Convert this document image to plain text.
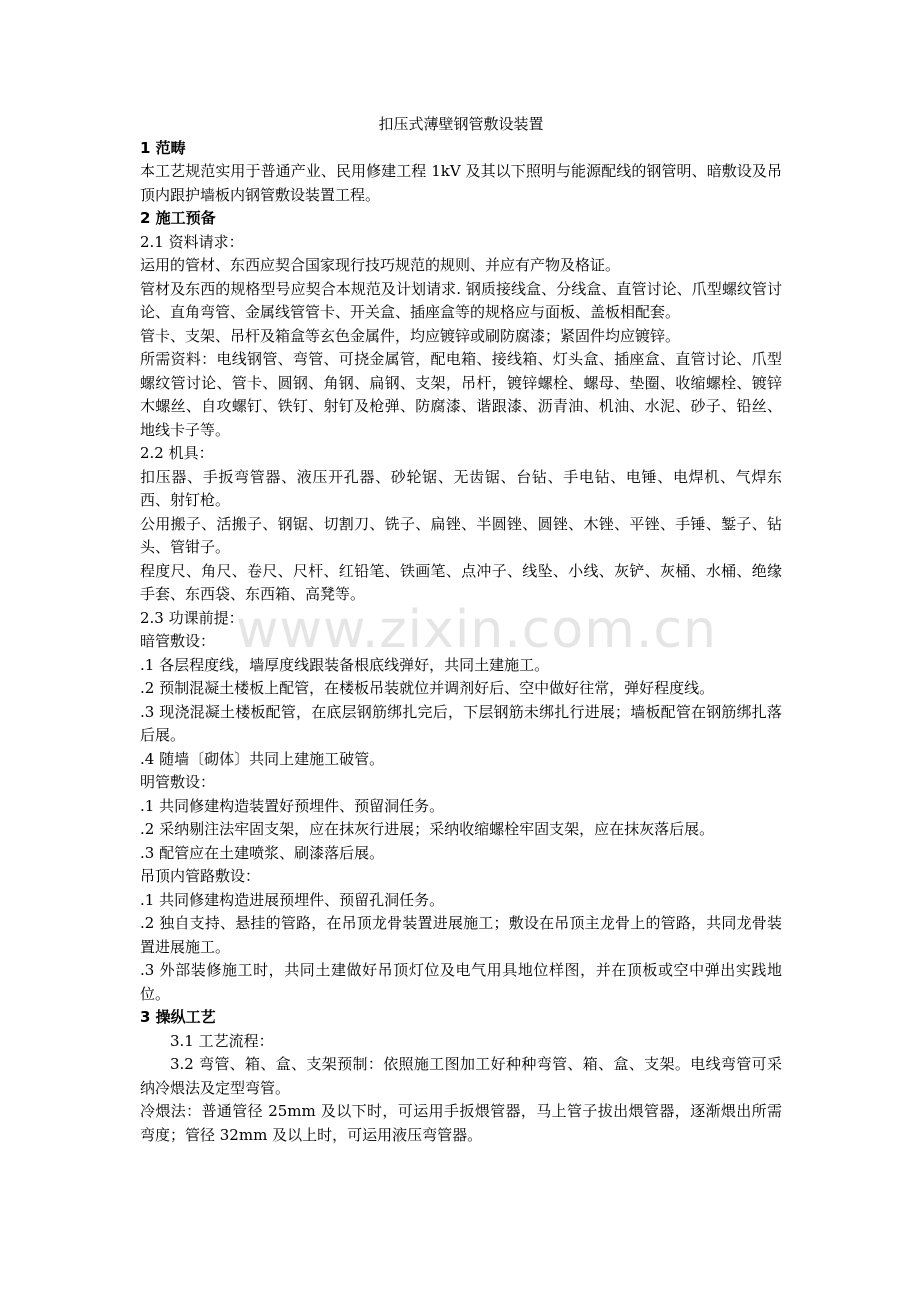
www.zixin.com.cn
扣压式薄壁钢管敷设装置

1 范畴

本工艺规范实用于普通产业、民用修建工程 1kV 及其以下照明与能源配线的钢管明、暗敷设及吊顶内跟护墙板内钢管敷设装置工程。

2 施工预备

2.1 资料请求：

运用的管材、东西应契合国家现行技巧规范的规则、并应有产物及格证。

管材及东西的规格型号应契合本规范及计划请求. 钢质接线盒、分线盒、直管讨论、爪型螺纹管讨论、直角弯管、金属线管管卡、开关盒、插座盒等的规格应与面板、盖板相配套。

管卡、支架、吊杆及箱盒等玄色金属件，均应镀锌或刷防腐漆；紧固件均应镀锌。

所需资料：电线钢管、弯管、可挠金属管，配电箱、接线箱、灯头盒、插座盒、直管讨论、爪型螺纹管讨论、管卡、圆钢、角钢、扁钢、支架，吊杆，镀锌螺栓、螺母、垫圈、收缩螺栓、镀锌木螺丝、自攻螺钉、铁钉、射钉及枪弹、防腐漆、谐跟漆、沥青油、机油、水泥、砂子、铅丝、地线卡子等。

2.2 机具：

扣压器、手扳弯管器、液压开孔器、砂轮锯、无齿锯、台钻、手电钻、电锤、电焊机、气焊东西、射钉枪。

公用搬子、活搬子、钢锯、切割刀、铣子、扁锉、半圆锉、圆锉、木锉、平锉、手锤、錾子、钻头、管钳子。

程度尺、角尺、卷尺、尺杆、红铅笔、铁画笔、点冲子、线坠、小线、灰铲、灰桶、水桶、绝缘手套、东西袋、东西箱、高凳等。

2.3 功课前提：

暗管敷设：

.1 各层程度线，墙厚度线跟装备根底线弹好，共同土建施工。

.2 预制混凝土楼板上配管，在楼板吊装就位并调剂好后、空中做好往常，弹好程度线。

.3 现浇混凝土楼板配管，在底层钢筋绑扎完后，下层钢筋未绑扎行进展；墙板配管在钢筋绑扎落后展。

.4 随墙〔砌体〕共同上建施工破管。

明管敷设：

.1 共同修建构造装置好预埋件、预留洞任务。

.2 采纳剔注法牢固支架，应在抹灰行进展；采纳收缩螺栓牢固支架，应在抹灰落后展。

.3 配管应在土建喷浆、刷漆落后展。

吊顶内管路敷设：

.1 共同修建构造进展预埋件、预留孔洞任务。

.2 独自支持、悬挂的管路，在吊顶龙骨装置进展施工；敷设在吊顶主龙骨上的管路，共同龙骨装置进展施工。

.3 外部装修施工时，共同土建做好吊顶灯位及电气用具地位样图，并在顶板或空中弹出实践地位。

3 操纵工艺

3.1 工艺流程：

3.2 弯管、箱、盒、支架预制：依照施工图加工好种种弯管、箱、盒、支架。电线弯管可采纳冷煨法及定型弯管。

冷煨法：普通管径 25mm 及以下时，可运用手扳煨管器，马上管子拔出煨管器，逐渐煨出所需弯度；管径 32mm 及以上时，可运用液压弯管器。
